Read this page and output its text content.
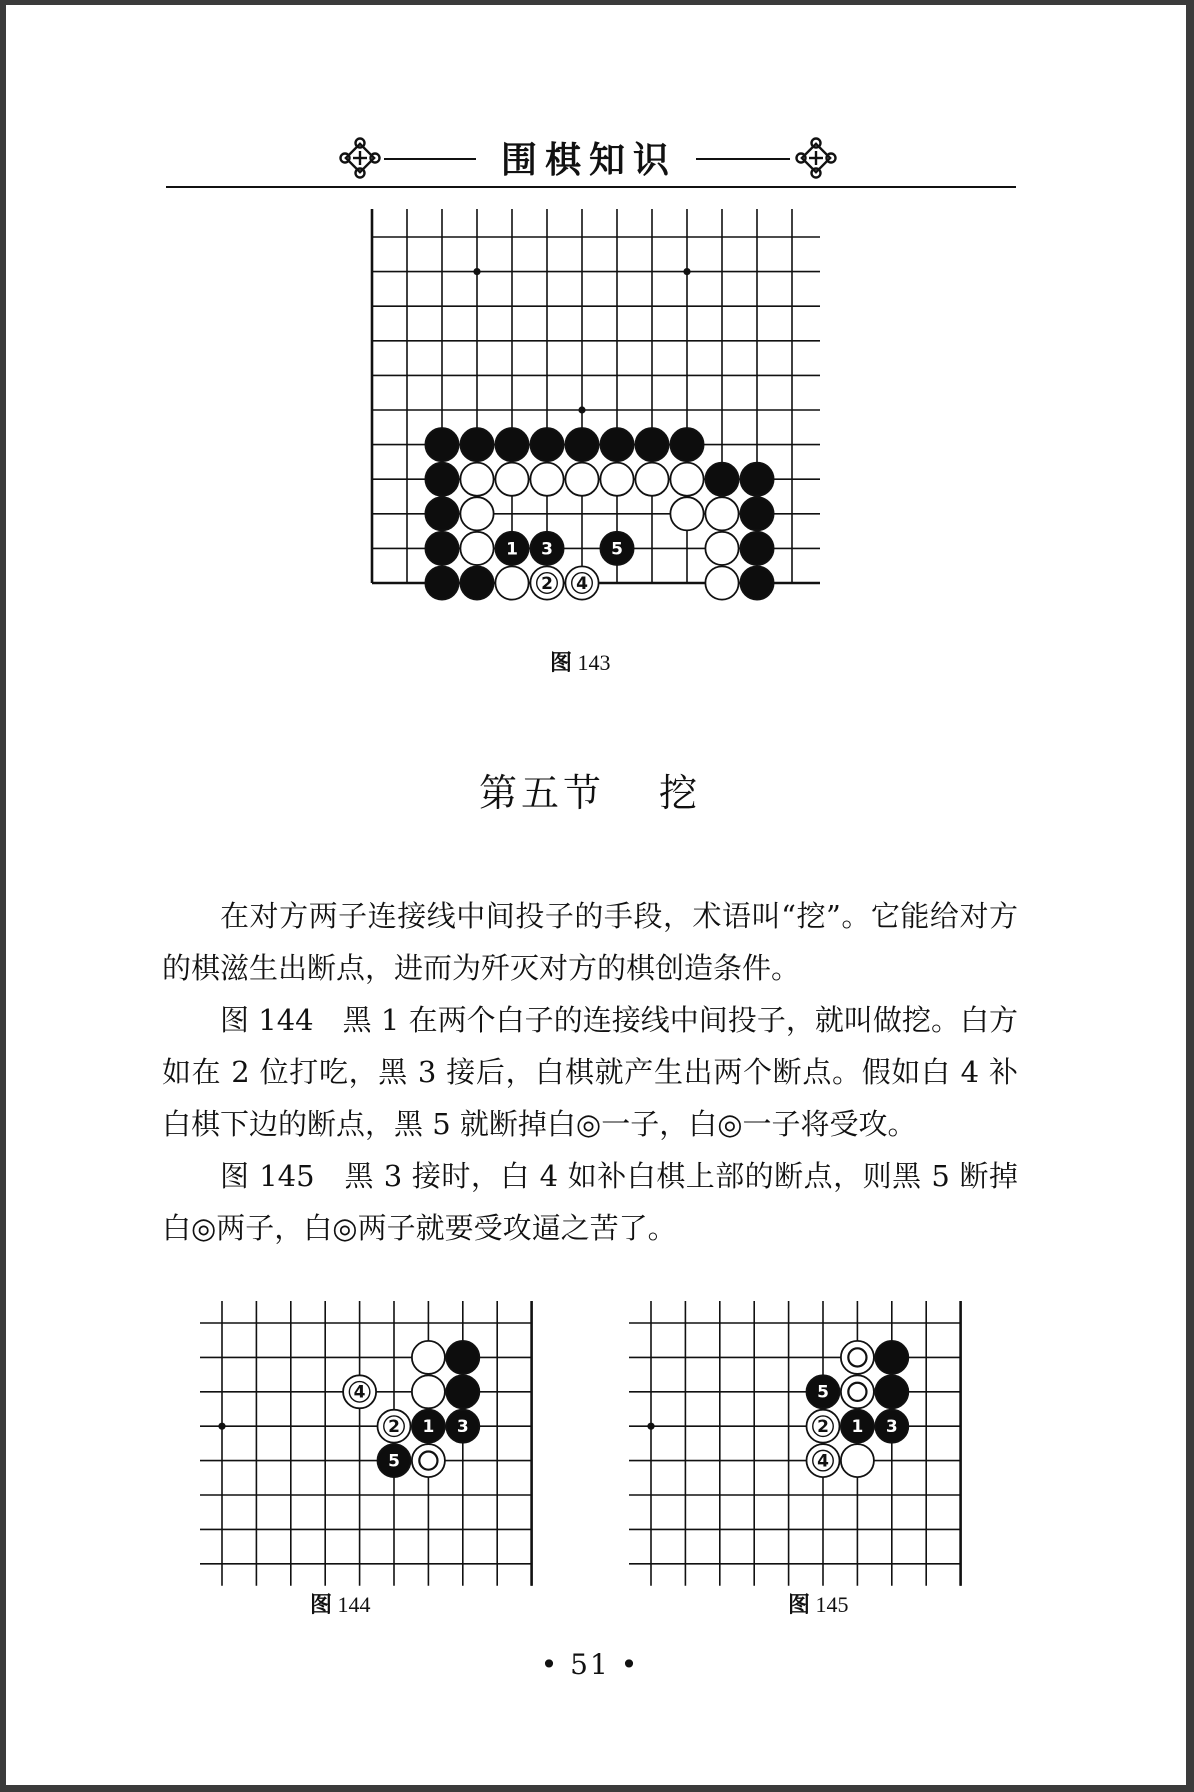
围棋知识
1 3	5
2 4
图 143
第五节 挖

在对方两子连接线中间投子的手段，术语叫“挖”。它能给对方的棋滋生出断点，进而为歼灭对方的棋创造条件。

图 144　黑 1 在两个白子的连接线中间投子，就叫做挖。白方如在 2 位打吃，黑 3 接后，白棋就产生出两个断点。假如白 4 补白棋下边的断点，黑 5 就断掉白◎一子，白◎一子将受攻。

图 145　黑 3 接时，白 4 如补白棋上部的断点，则黑 5 断掉白◎两子，白◎两子就要受攻逼之苦了。

4
2 1 3
5
图 144
5
2 1 3
4
图 145
• 51 •
